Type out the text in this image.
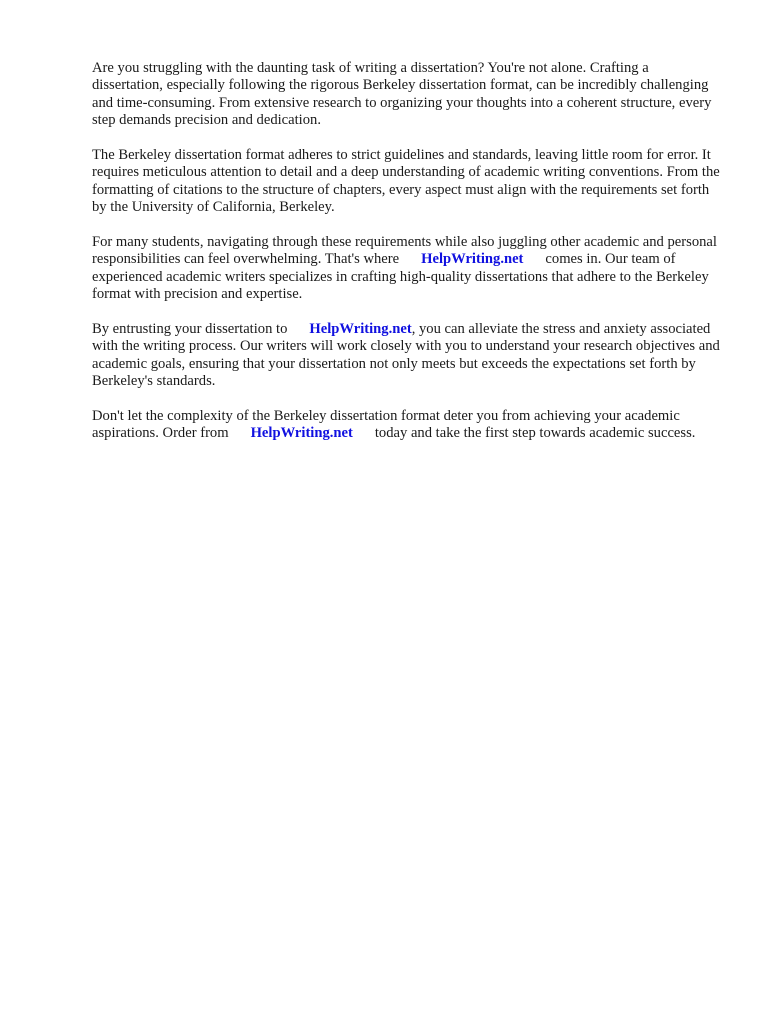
Are you struggling with the daunting task of writing a dissertation? You're not alone. Crafting a dissertation, especially following the rigorous Berkeley dissertation format, can be incredibly challenging and time-consuming. From extensive research to organizing your thoughts into a coherent structure, every step demands precision and dedication.

The Berkeley dissertation format adheres to strict guidelines and standards, leaving little room for error. It requires meticulous attention to detail and a deep understanding of academic writing conventions. From the formatting of citations to the structure of chapters, every aspect must align with the requirements set forth by the University of California, Berkeley.

For many students, navigating through these requirements while also juggling other academic and personal responsibilities can feel overwhelming. That's where HelpWriting.net comes in. Our team of experienced academic writers specializes in crafting high-quality dissertations that adhere to the Berkeley format with precision and expertise.

By entrusting your dissertation to HelpWriting.net, you can alleviate the stress and anxiety associated with the writing process. Our writers will work closely with you to understand your research objectives and academic goals, ensuring that your dissertation not only meets but exceeds the expectations set forth by Berkeley's standards.

Don't let the complexity of the Berkeley dissertation format deter you from achieving your academic aspirations. Order from HelpWriting.net today and take the first step towards academic success.
